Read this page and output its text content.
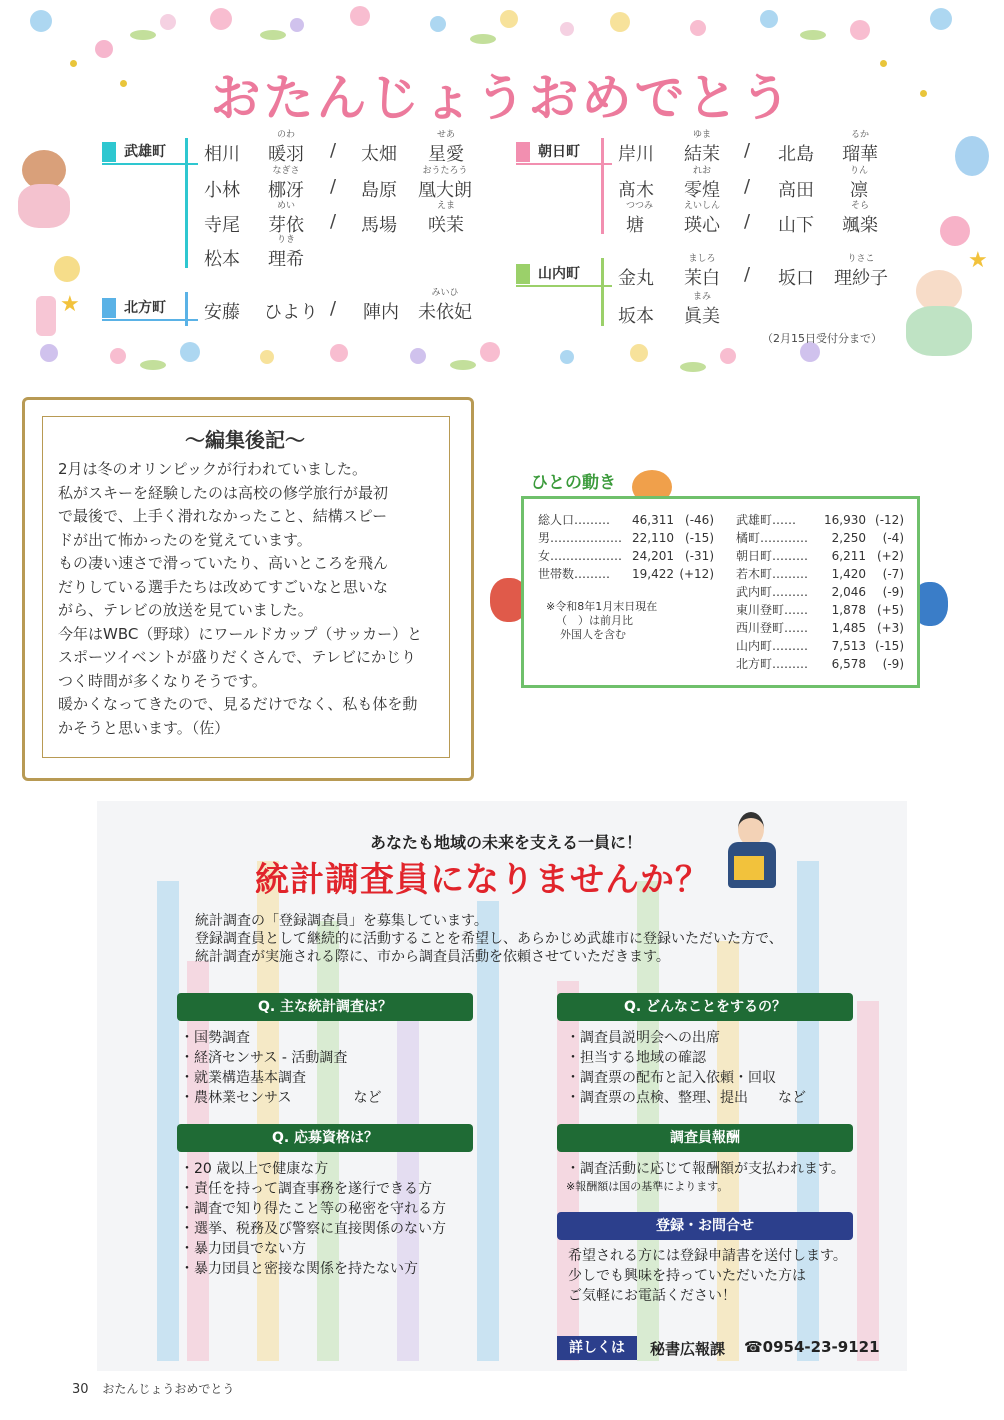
★
★
おたんじょうおめでとう
武雄町
北方町
朝日町
山内町
相川
のわ
暖羽 / 太畑
せあ
星愛
小林
なぎさ
梛冴 / 島原
おうたろう
凰大朗
寺尾
めい
芽依 / 馬場
えま
咲茉
松本
りき
理希
安藤 ひより / 陣内
みいひ
未依妃
岸川
ゆま
結茉 / 北島
るか
瑠華
髙木
れお
零煌 / 高田
りん
凛
つつみ
塘
えいしん
瑛心 / 山下
そら
颯楽
金丸
ましろ
茉白 / 坂口
りさこ
理紗子
坂本
まみ
眞美
（2月15日受付分まで）
〜編集後記〜

2月は冬のオリンピックが行われていました。

私がスキーを経験したのは高校の修学旅行が最初

で最後で、上手く滑れなかったこと、結構スピー

ドが出て怖かったのを覚えています。

もの凄い速さで滑っていたり、高いところを飛ん

だりしている選手たちは改めてすごいなと思いな

がら、テレビの放送を見ていました。

今年はWBC（野球）にワールドカップ（サッカー）と

スポーツイベントが盛りだくさんで、テレビにかじり

つく時間が多くなりそうです。

暖かくなってきたので、見るだけでなく、私も体を動

かそうと思います。（佐）

ひとの動き
総人口……… 46,311 (-46)
男……………… 22,110 (-15)
女……………… 24,201 (-31)
世帯数……… 19,422 (+12)
※令和8年1月末日現在
（　）は前月比
外国人を含む
武雄町…… 16,930 (-12)
橘町………… 2,250 (-4)
朝日町……… 6,211 (+2)
若木町……… 1,420 (-7)
武内町……… 2,046 (-9)
東川登町…… 1,878 (+5)
西川登町…… 1,485 (+3)
山内町……… 7,513 (-15)
北方町……… 6,578 (-9)
あなたも地域の未来を支える一員に！
統計調査員になりませんか？

統計調査の「登録調査員」を募集しています。

登録調査員として継続的に活動することを希望し、あらかじめ武雄市に登録いただいた方で、

統計調査が実施される際に、市から調査員活動を依頼させていただきます。

Q. 主な統計調査は？

・国勢調査

・経済センサス - 活動調査

・就業構造基本調査

・農林業センサス	など

Q. どんなことをするの？

・調査員説明会への出席

・担当する地域の確認

・調査票の配布と記入依頼・回収

・調査票の点検、整理、提出 など

Q. 応募資格は？

・20 歳以上で健康な方

・責任を持って調査事務を遂行できる方

・調査で知り得たこと等の秘密を守れる方

・選挙、税務及び警察に直接関係のない方

・暴力団員でない方

・暴力団員と密接な関係を持たない方

調査員報酬

・調査活動に応じて報酬額が支払われます。

※報酬額は国の基準によります。

登録・お問合せ

希望される方には登録申請書を送付します。

少しでも興味を持っていただいた方は

ご気軽にお電話ください！

詳しくは	秘書広報課 ☎0954-23-9121
30 おたんじょうおめでとう
